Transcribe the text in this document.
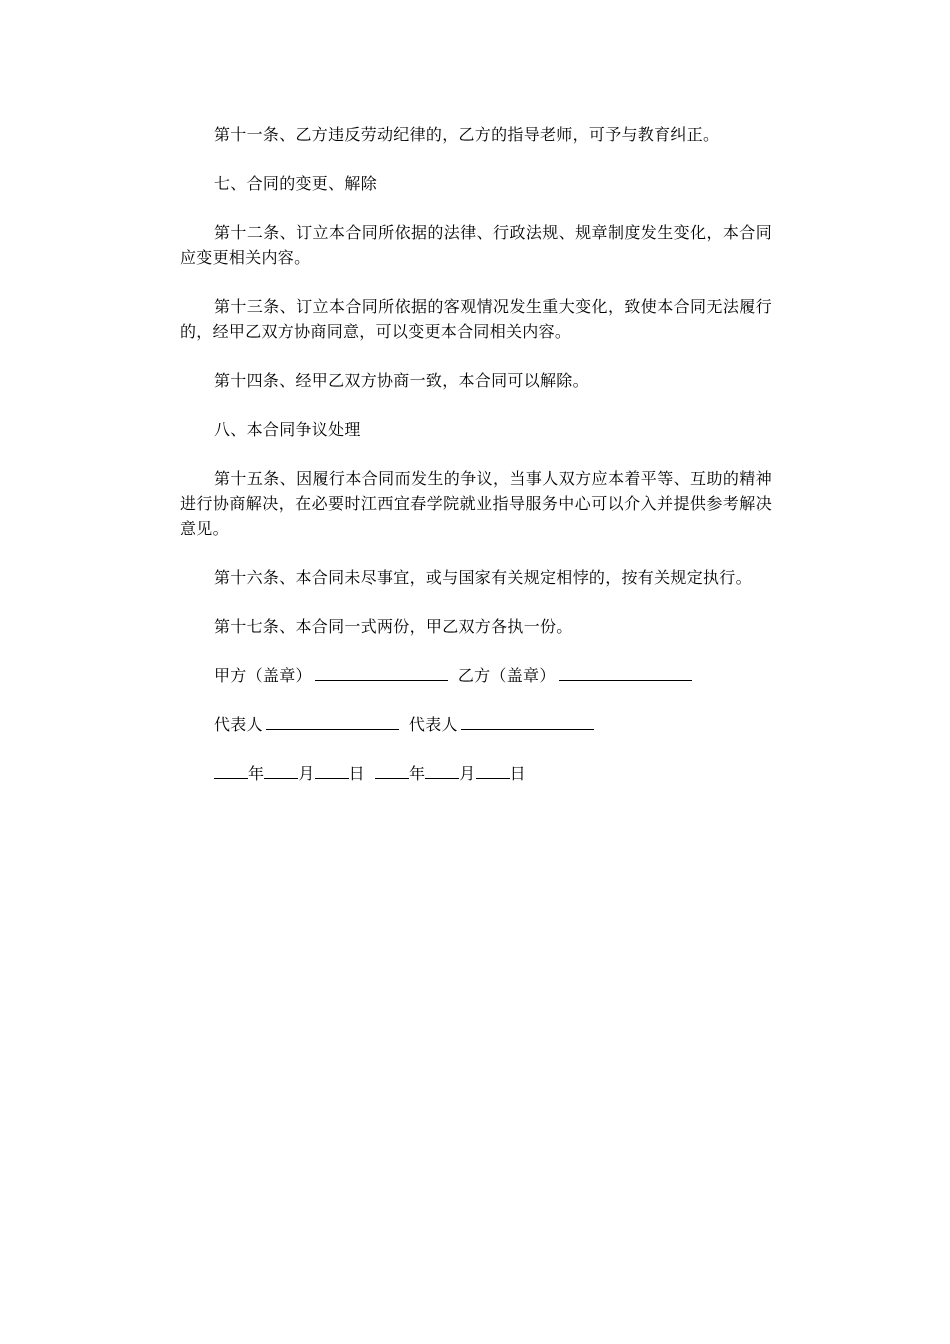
第十一条、乙方违反劳动纪律的，乙方的指导老师，可予与教育纠正。

七、合同的变更、解除

第十二条、订立本合同所依据的法律、行政法规、规章制度发生变化，本合同应变更相关内容。

第十三条、订立本合同所依据的客观情况发生重大变化，致使本合同无法履行的，经甲乙双方协商同意，可以变更本合同相关内容。

第十四条、经甲乙双方协商一致，本合同可以解除。

八、本合同争议处理

第十五条、因履行本合同而发生的争议，当事人双方应本着平等、互助的精神进行协商解决，在必要时江西宜春学院就业指导服务中心可以介入并提供参考解决意见。

第十六条、本合同未尽事宜，或与国家有关规定相悖的，按有关规定执行。

第十七条、本合同一式两份，甲乙双方各执一份。

甲方（盖章）	乙方（盖章）
代表人	代表人
年 月 日	年 月 日
